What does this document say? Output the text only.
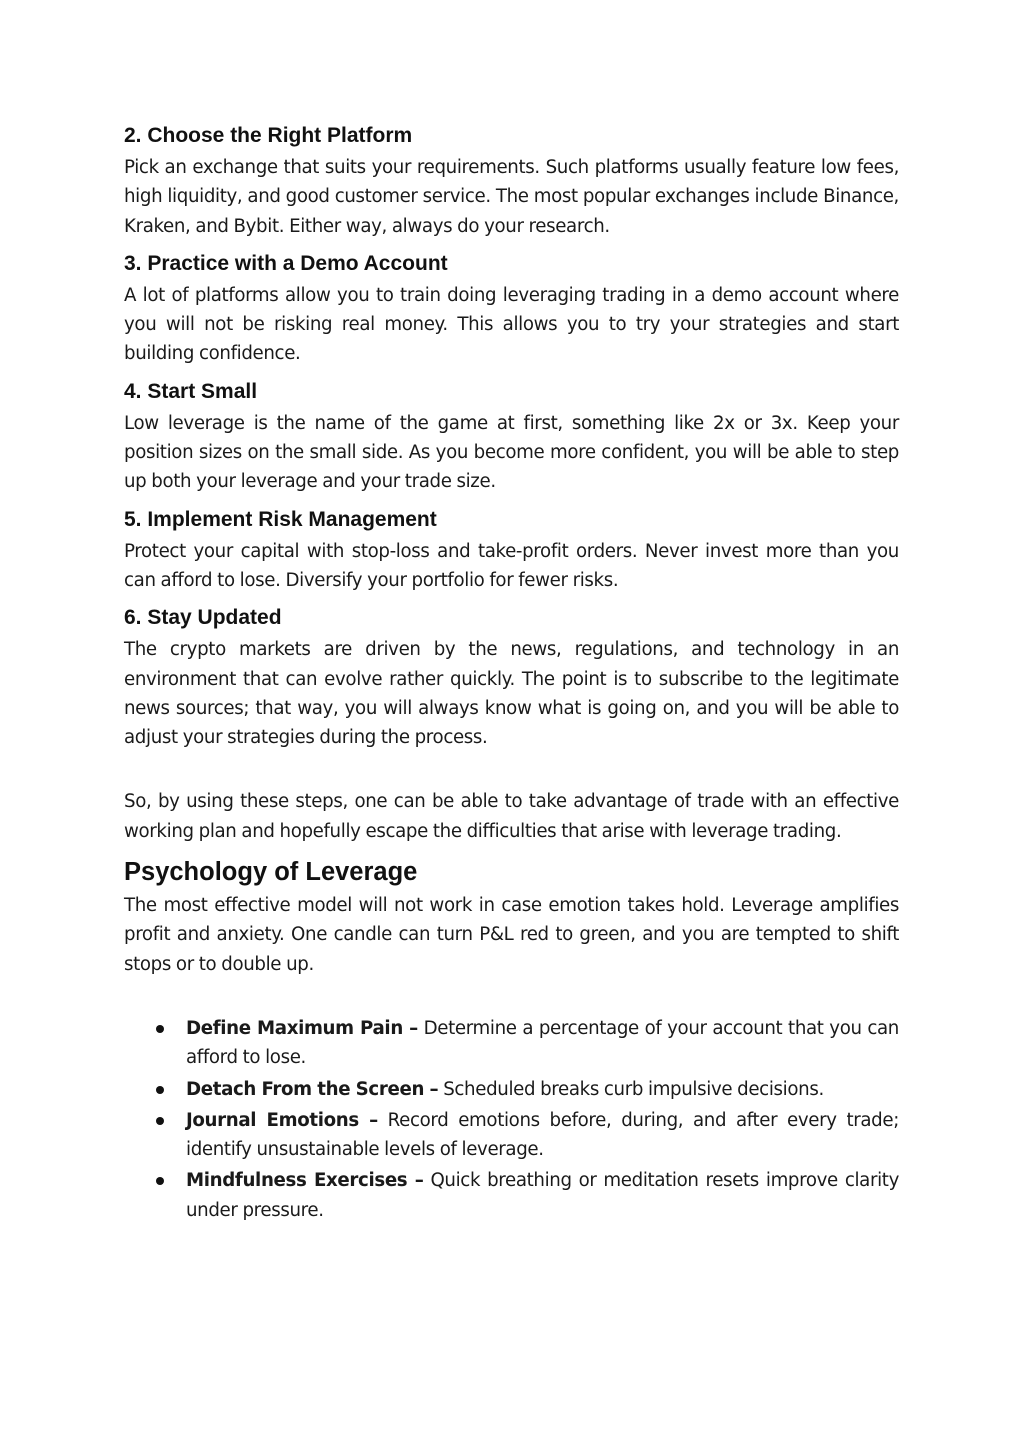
2. Choose the Right Platform

Pick an exchange that suits your requirements. Such platforms usually feature low fees, high liquidity, and good customer service. The most popular exchanges include Binance, Kraken, and Bybit. Either way, always do your research.

3. Practice with a Demo Account

A lot of platforms allow you to train doing leveraging trading in a demo account where you will not be risking real money. This allows you to try your strategies and start building confidence.

4. Start Small

Low leverage is the name of the game at first, something like 2x or 3x. Keep your position sizes on the small side. As you become more confident, you will be able to step up both your leverage and your trade size.

5. Implement Risk Management

Protect your capital with stop-loss and take-profit orders. Never invest more than you can afford to lose. Diversify your portfolio for fewer risks.

6. Stay Updated

The crypto markets are driven by the news, regulations, and technology in an environment that can evolve rather quickly. The point is to subscribe to the legitimate news sources; that way, you will always know what is going on, and you will be able to adjust your strategies during the process.

So, by using these steps, one can be able to take advantage of trade with an effective working plan and hopefully escape the difficulties that arise with leverage trading.

Psychology of Leverage

The most effective model will not work in case emotion takes hold. Leverage amplifies profit and anxiety. One candle can turn P&L red to green, and you are tempted to shift stops or to double up.

Define Maximum Pain – Determine a percentage of your account that you can afford to lose.
Detach From the Screen – Scheduled breaks curb impulsive decisions.
Journal Emotions – Record emotions before, during, and after every trade; identify unsustainable levels of leverage.
Mindfulness Exercises – Quick breathing or meditation resets improve clarity under pressure.
